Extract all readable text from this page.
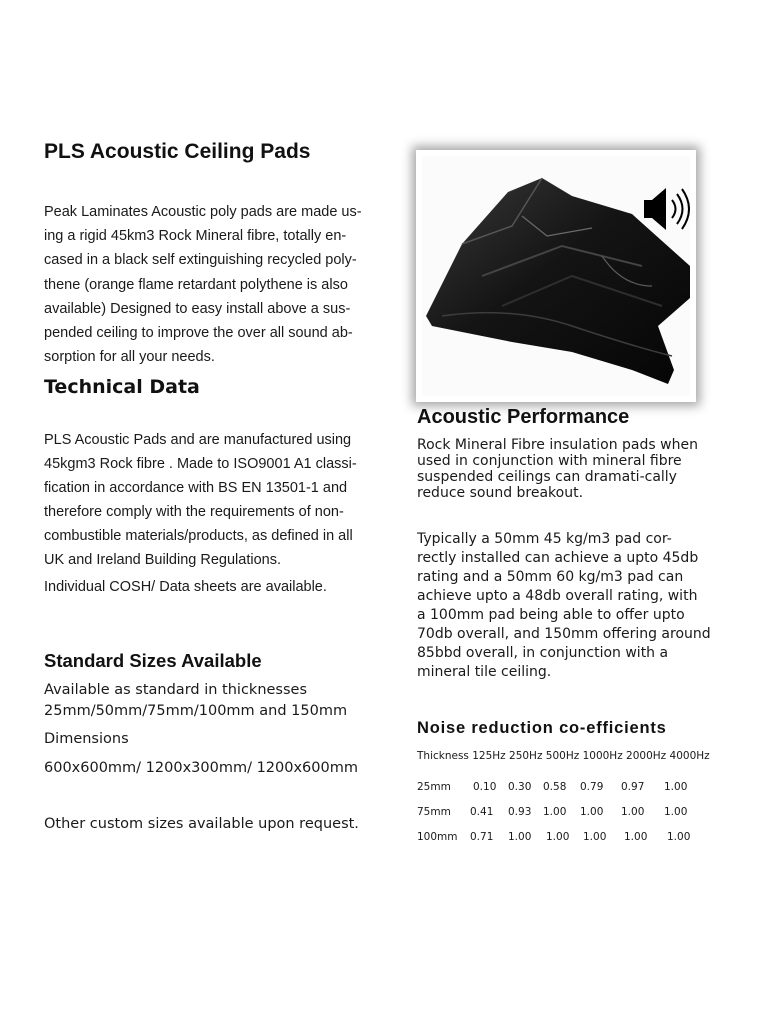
PLS Acoustic Ceiling Pads
Peak Laminates Acoustic poly pads are made us-
ing a rigid 45km3 Rock Mineral fibre, totally en-
cased in a black self extinguishing recycled poly-
thene (orange flame retardant polythene is also
available) Designed to easy install above a sus-
pended ceiling to improve the over all sound ab-
sorption for all your needs.
Technical Data
PLS Acoustic Pads and are manufactured using
45kgm3 Rock fibre . Made to ISO9001 A1 classi-
fication in accordance with BS EN 13501-1 and
therefore comply with the requirements of non-
combustible materials/products, as defined in all
UK and Ireland Building Regulations.
Individual COSH/ Data sheets are available.
Standard Sizes Available
Available as standard in thicknesses
25mm/50mm/75mm/100mm and 150mm
Dimensions
600x600mm/ 1200x300mm/ 1200x600mm
Other custom sizes available upon request.
Acoustic Performance
Rock Mineral Fibre insulation pads when
used in conjunction with mineral fibre
suspended ceilings can dramati-cally
reduce sound breakout.
Typically a 50mm 45 kg/m3 pad cor-
rectly installed can achieve a upto 45db
rating and a 50mm 60 kg/m3 pad can
achieve upto a 48db overall rating, with
a 100mm pad being able to offer upto
70db overall, and 150mm offering around
85bbd overall, in conjunction with a
mineral tile ceiling.
Noise reduction co-efficients
Thickness 125Hz 250Hz 500Hz 1000Hz 2000Hz 4000Hz
25mm 0.10 0.30 0.58 0.79 0.97 1.00
75mm 0.41 0.93 1.00 1.00 1.00 1.00
100mm 0.71 1.00 1.00 1.00 1.00 1.00
